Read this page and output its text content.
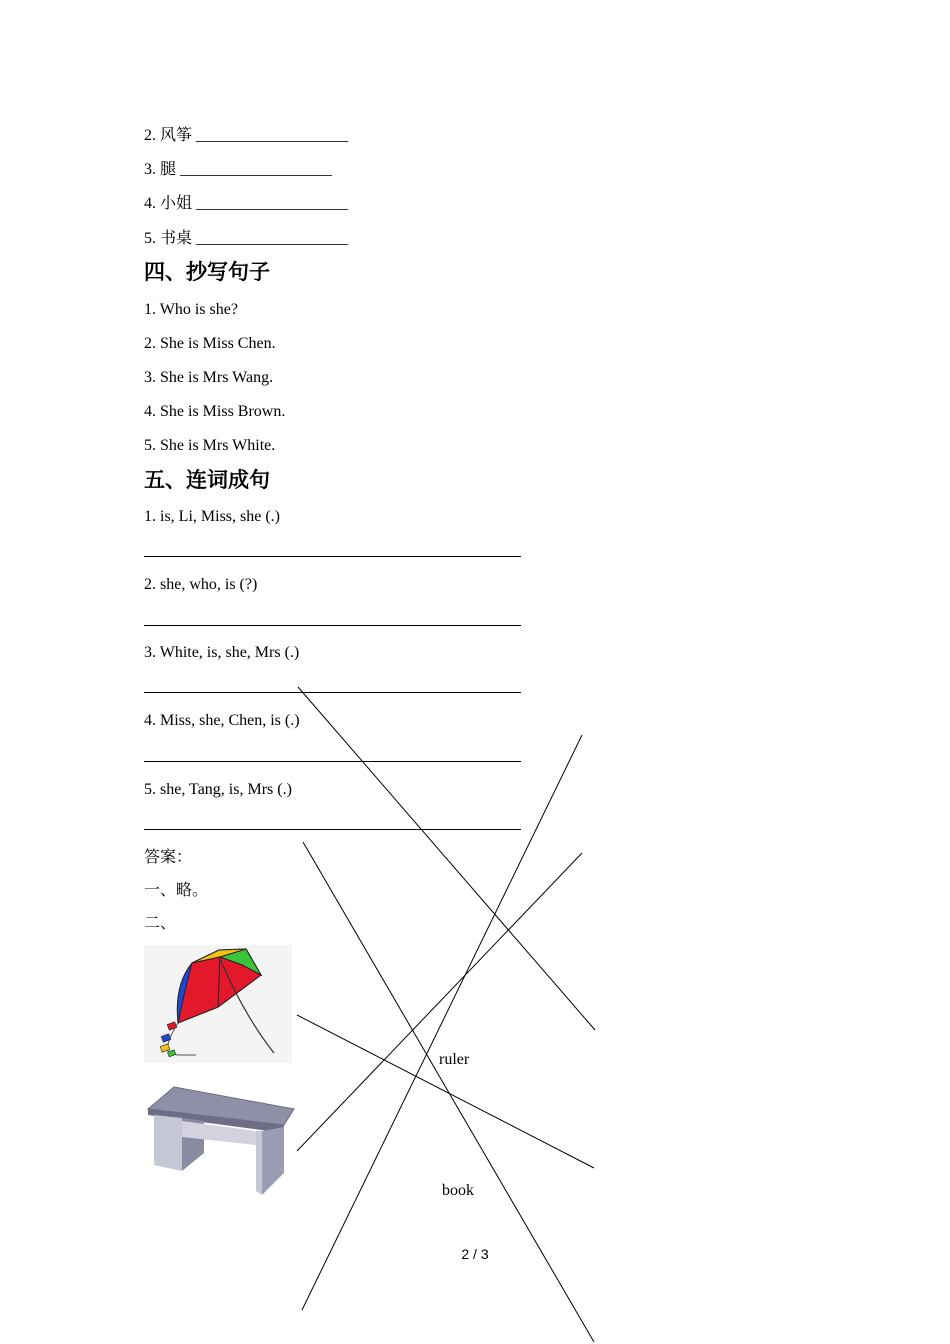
2. 风筝 ___________________
3. 腿 ___________________
4. 小姐 ___________________
5. 书桌 ___________________
四、抄写句子
1. Who is she?
2. She is Miss Chen.
3. She is Mrs Wang.
4. She is Miss Brown.
5. She is Mrs White.
五、连词成句
1. is, Li, Miss, she (.)
2. she, who, is (?)
3. White, is, she, Mrs (.)
4. Miss, she, Chen, is (.)
5. she, Tang, is, Mrs (.)
答案：
一、略。
二、
ruler
book
2 / 3
